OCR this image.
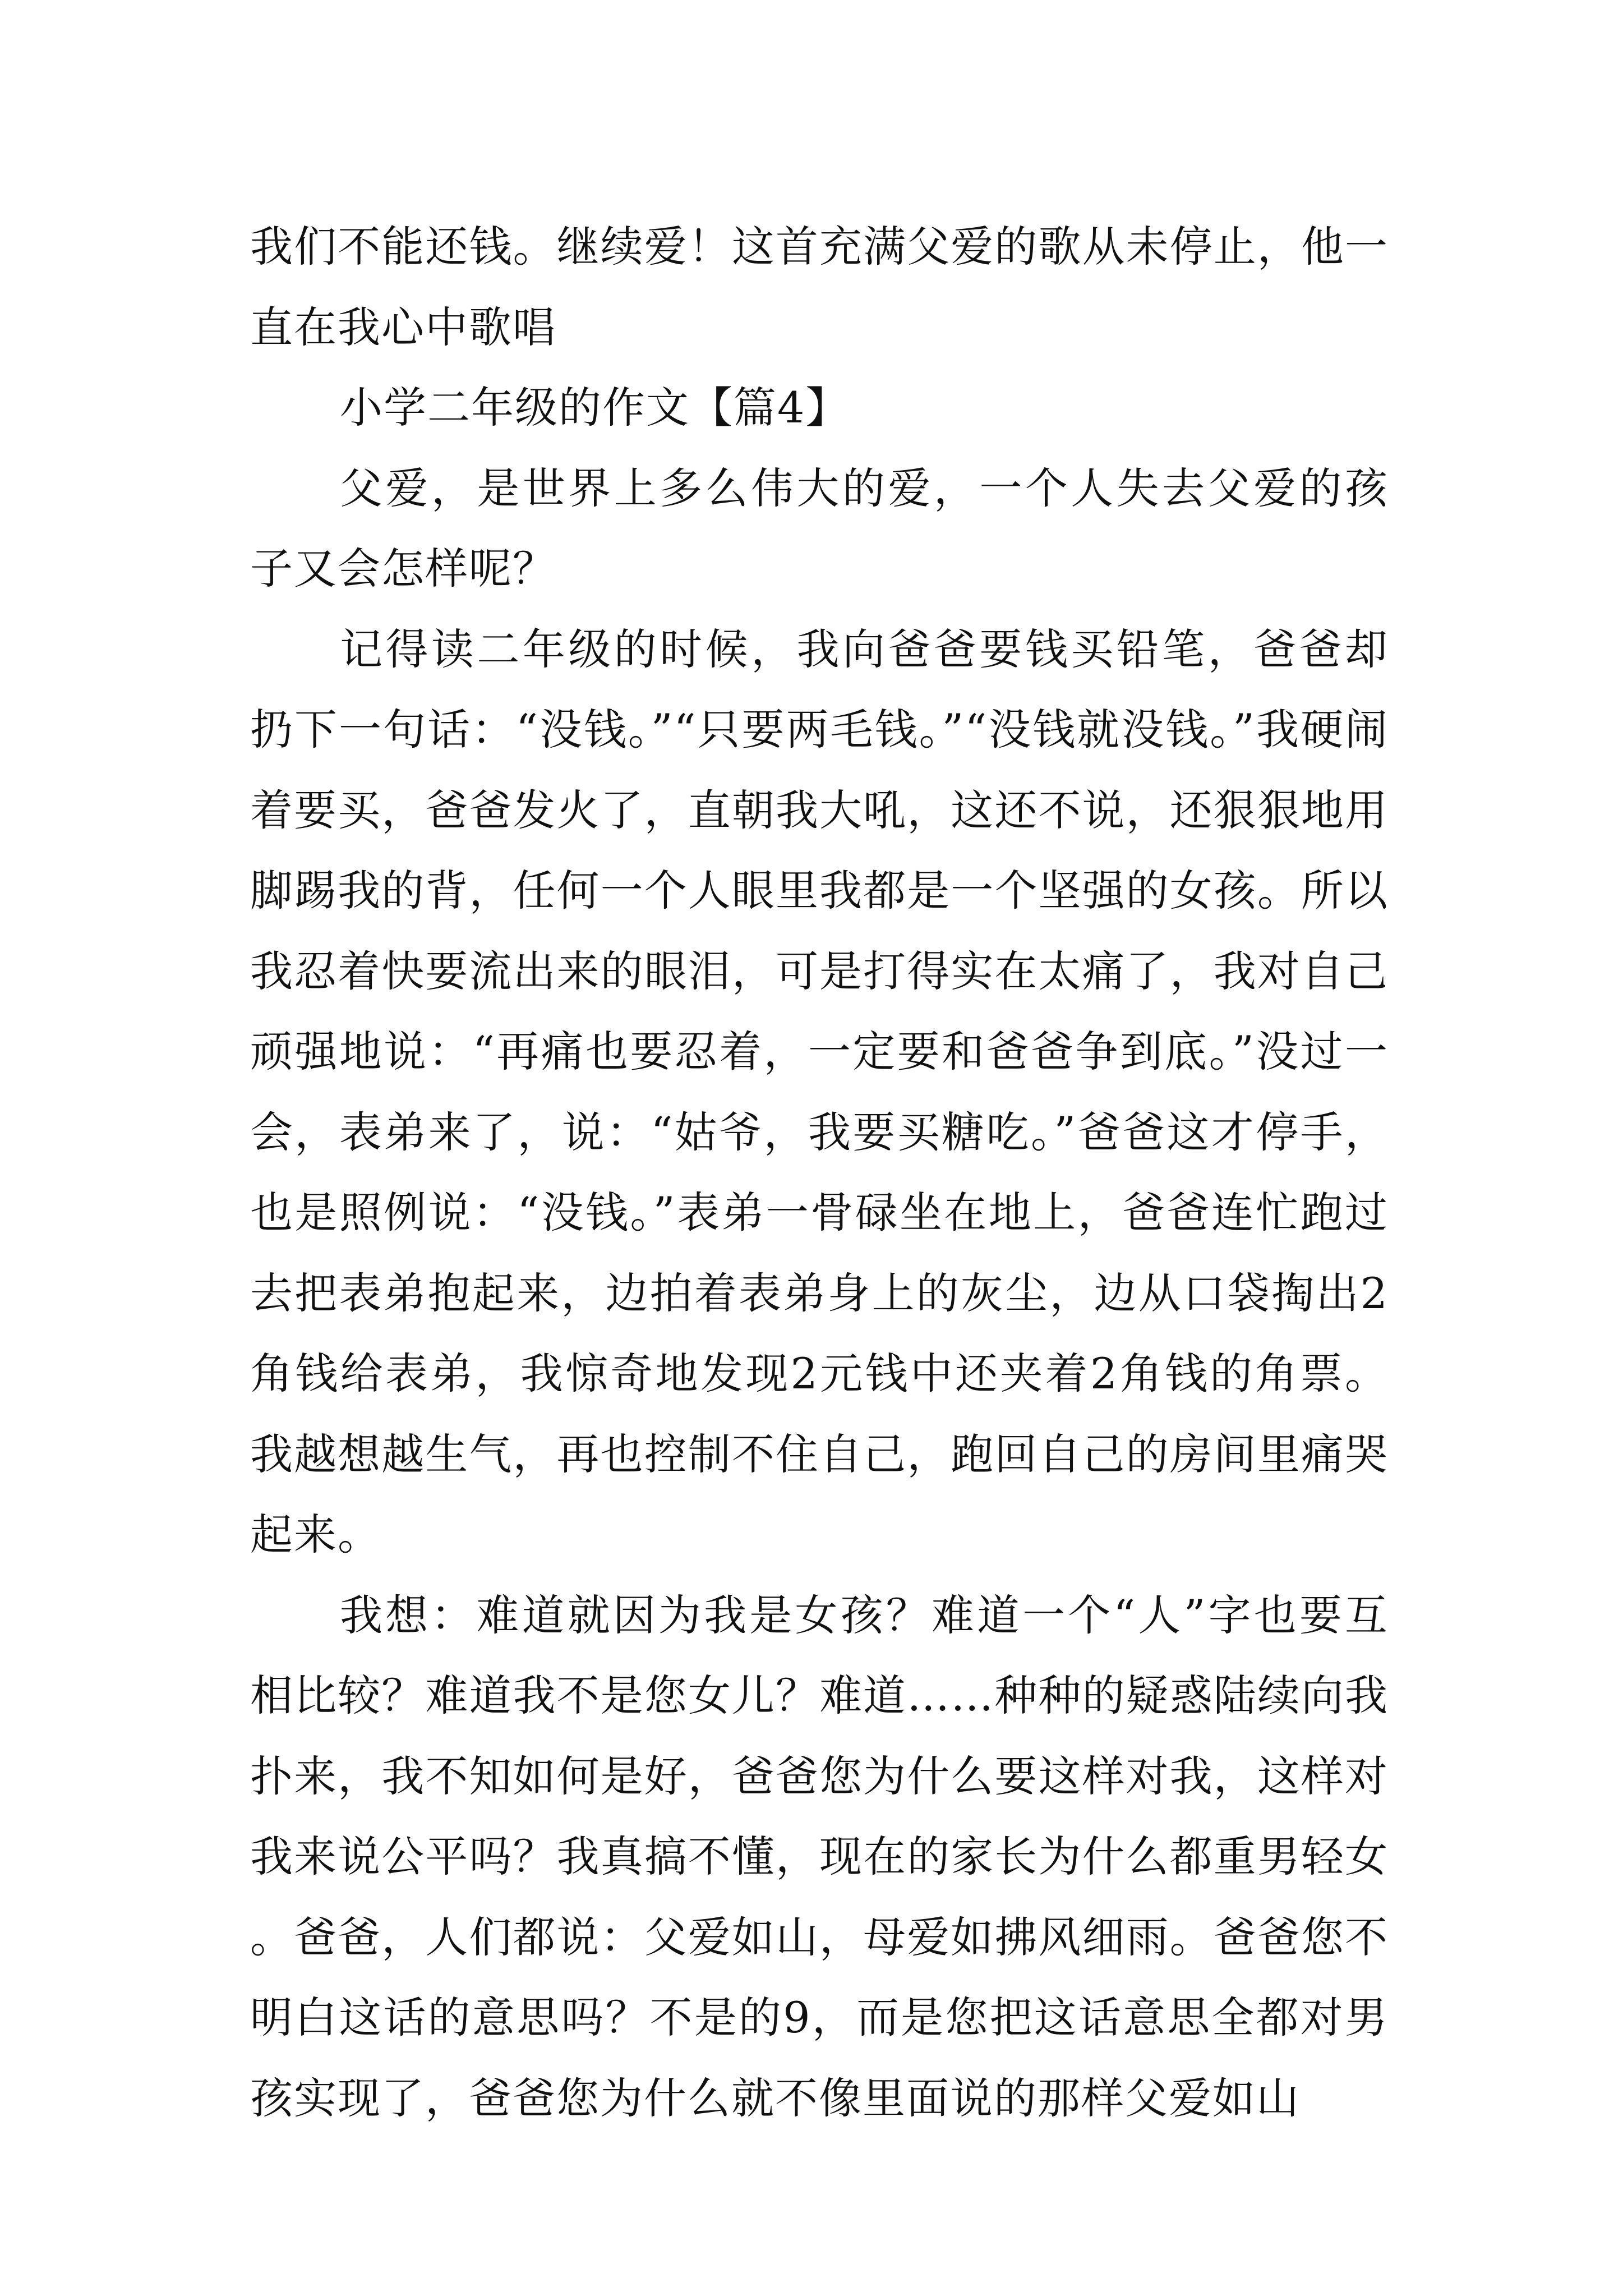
我们不能还钱。继续爱！这首充满父爱的歌从未停止，他一直在我心中歌唱

小学二年级的作文【篇4】

父爱，是世界上多么伟大的爱，一个人失去父爱的孩子又会怎样呢？

记得读二年级的时候，我向爸爸要钱买铅笔，爸爸却扔下一句话：“没钱。”“只要两毛钱。”“没钱就没钱。”我硬闹着要买，爸爸发火了，直朝我大吼，这还不说，还狠狠地用脚踢我的背，任何一个人眼里我都是一个坚强的女孩。所以我忍着快要流出来的眼泪，可是打得实在太痛了，我对自己顽强地说：“再痛也要忍着，一定要和爸爸争到底。”没过一会，表弟来了，说：“姑爷，我要买糖吃。”爸爸这才停手，也是照例说：“没钱。”表弟一骨碌坐在地上，爸爸连忙跑过去把表弟抱起来，边拍着表弟身上的灰尘，边从口袋掏出2角钱给表弟，我惊奇地发现2元钱中还夹着2角钱的角票。我越想越生气，再也控制不住自己，跑回自己的房间里痛哭起来。

我想：难道就因为我是女孩？难道一个“人”字也要互相比较？难道我不是您女儿？难道……种种的疑惑陆续向我扑来，我不知如何是好，爸爸您为什么要这样对我，这样对我来说公平吗？我真搞不懂，现在的家长为什么都重男轻女。爸爸，人们都说：父爱如山，母爱如拂风细雨。爸爸您不明白这话的意思吗？不是的9，而是您把这话意思全都对男孩实现了，爸爸您为什么就不像里面说的那样父爱如山
